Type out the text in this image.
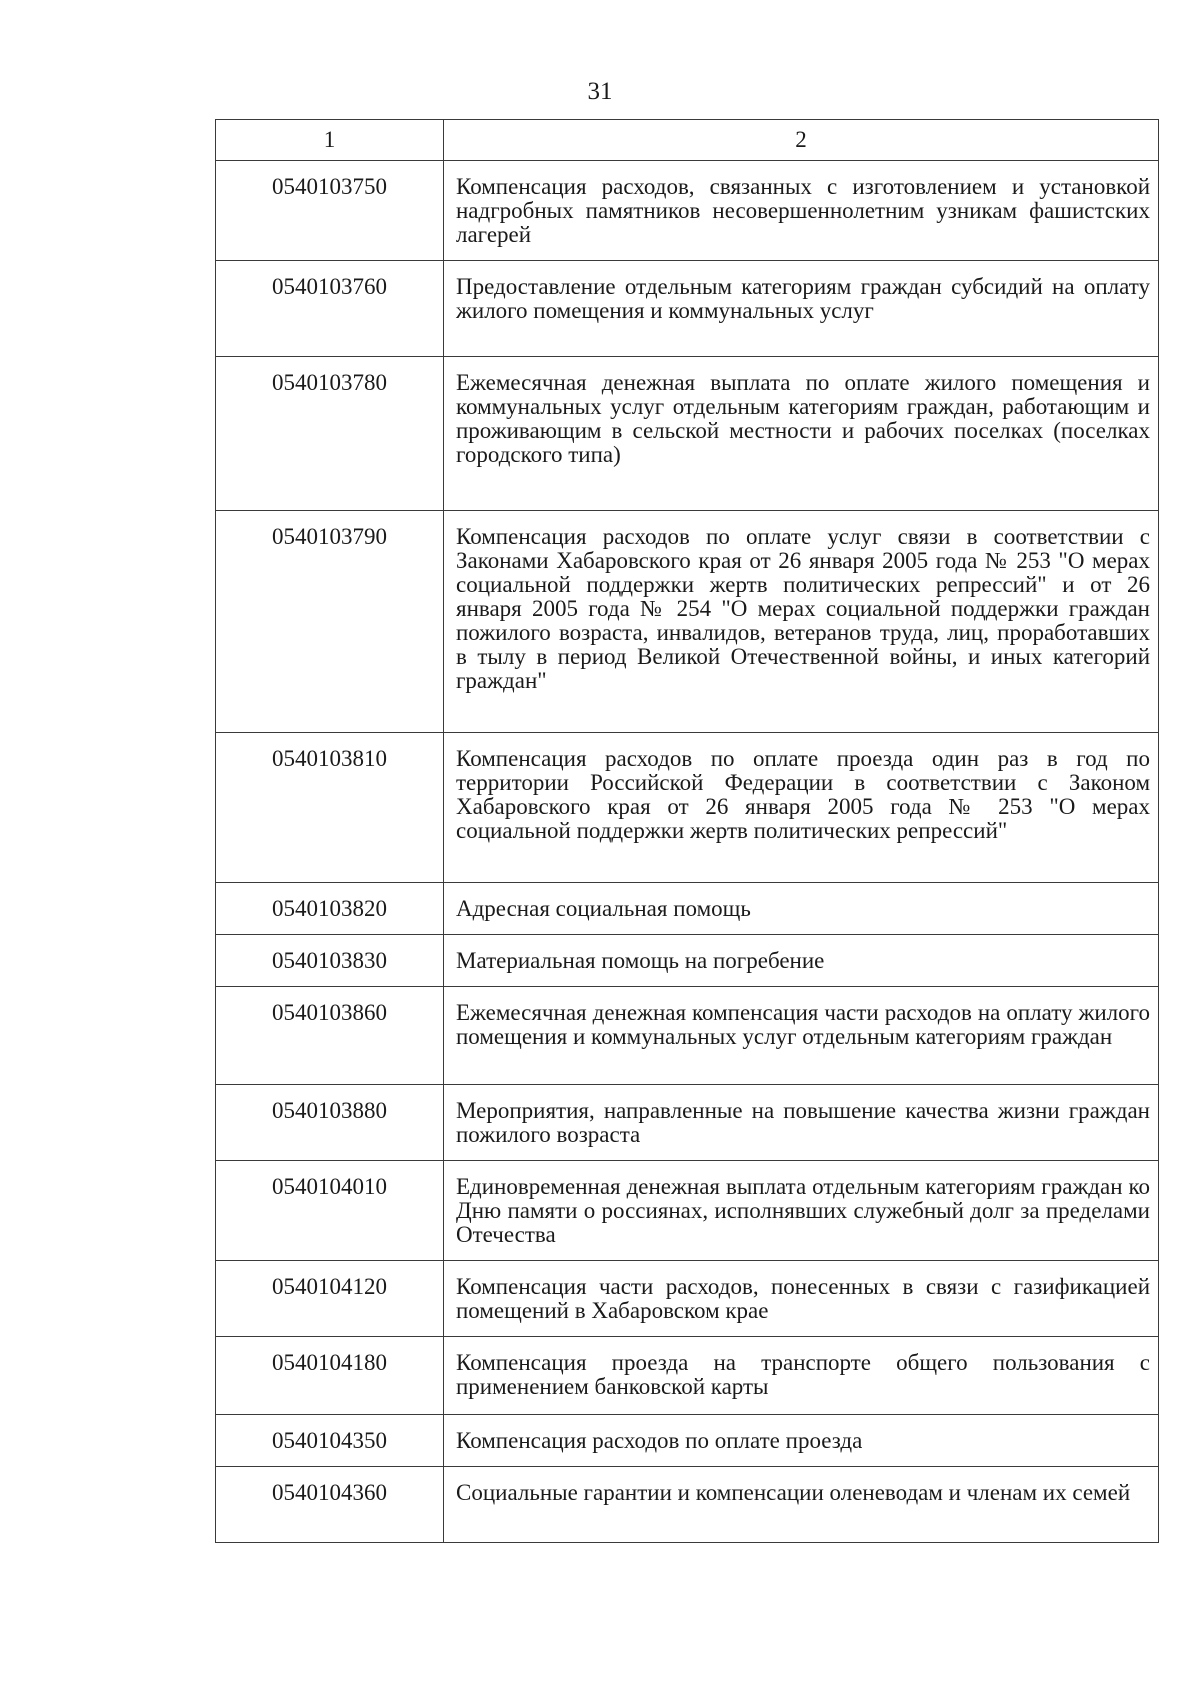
31
1	2
0540103750	Компенсация расходов, связанных с изготовлением и установкой надгробных памятников несовершеннолетним узникам фашистских лагерей
0540103760	Предоставление отдельным категориям граждан субсидий на оплату жилого помещения и коммунальных услуг
0540103780	Ежемесячная денежная выплата по оплате жилого помещения и коммунальных услуг отдельным категориям граждан, работающим и проживающим в сельской местности и рабочих поселках (поселках городского типа)
0540103790	Компенсация расходов по оплате услуг связи в соответствии с Законами Хабаровского края от 26 января 2005 года № 253 "О мерах социальной поддержки жертв политических репрессий" и от 26 января 2005 года № 254 "О мерах социальной поддержки граждан пожилого возраста, инвалидов, ветеранов труда, лиц, проработавших в тылу в период Великой Отечественной войны, и иных категорий граждан"
0540103810	Компенсация расходов по оплате проезда один раз в год по территории Российской Федерации в соответствии с Законом Хабаровского края от 26 января 2005 года № 253 "О мерах социальной поддержки жертв политических репрессий"
0540103820	Адресная социальная помощь
0540103830	Материальная помощь на погребение
0540103860	Ежемесячная денежная компенсация части расходов на оплату жилого помещения и коммунальных услуг отдельным категориям граждан
0540103880	Мероприятия, направленные на повышение качества жизни граждан пожилого возраста
0540104010	Единовременная денежная выплата отдельным категориям граждан ко Дню памяти о россиянах, исполнявших служебный долг за пределами Отечества
0540104120	Компенсация части расходов, понесенных в связи с газификацией помещений в Хабаровском крае
0540104180	Компенсация проезда на транспорте общего пользования с применением банковской карты
0540104350	Компенсация расходов по оплате проезда
0540104360	Социальные гарантии и компенсации оленеводам и членам их семей
